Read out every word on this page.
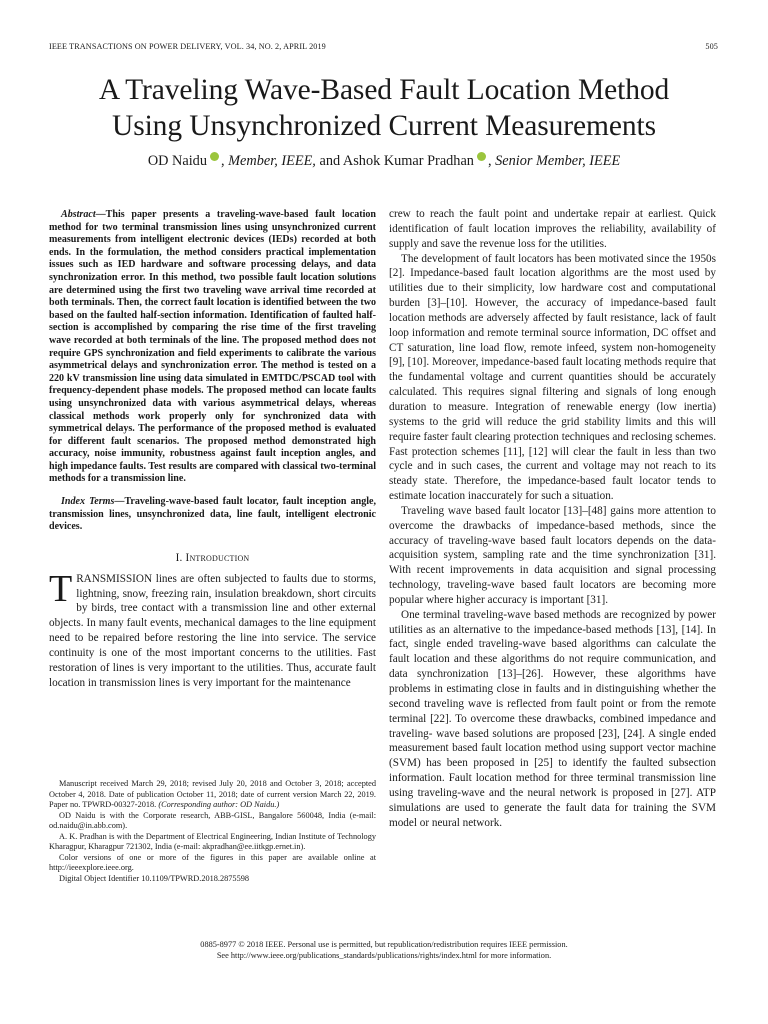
IEEE TRANSACTIONS ON POWER DELIVERY, VOL. 34, NO. 2, APRIL 2019	505
A Traveling Wave-Based Fault Location Method
Using Unsynchronized Current Measurements
OD Naidu , Member, IEEE, and Ashok Kumar Pradhan , Senior Member, IEEE

Abstract—This paper presents a traveling-wave-based fault location method for two terminal transmission lines using unsynchronized current measurements from intelligent electronic devices (IEDs) recorded at both ends. In the formulation, the method considers practical implementation issues such as IED hardware and software processing delays, and data synchronization error. In this method, two possible fault location solutions are determined using the first two traveling wave arrival time recorded at both terminals. Then, the correct fault location is identified between the two based on the faulted half-section information. Identification of faulted half-section is accomplished by comparing the rise time of the first traveling wave recorded at both terminals of the line. The proposed method does not require GPS synchronization and field experiments to calibrate the various asymmetrical delays and synchronization error. The method is tested on a 220 kV transmission line using data simulated in EMTDC/PSCAD tool with frequency-dependent phase models. The proposed method can locate faults using unsynchronized data with various asymmetrical delays, whereas classical methods work properly only for synchronized data with symmetrical delays. The performance of the proposed method is evaluated for different fault scenarios. The proposed method demonstrated high accuracy, noise immunity, robustness against fault inception angles, and high impedance faults. Test results are compared with classical two-terminal methods for a transmission line.

Index Terms—Traveling-wave-based fault locator, fault inception angle, transmission lines, unsynchronized data, line fault, intelligent electronic devices.

I. Introduction

TRANSMISSION lines are often subjected to faults due to storms, lightning, snow, freezing rain, insulation breakdown, short circuits by birds, tree contact with a transmission line and other external objects. In many fault events, mechanical damages to the line equipment need to be repaired before restoring the line into service. The service continuity is one of the most important concerns to the utilities. Fast restoration of lines is very important to the utilities. Thus, accurate fault location in transmission lines is very important for the maintenance

Manuscript received March 29, 2018; revised July 20, 2018 and October 3, 2018; accepted October 4, 2018. Date of publication October 11, 2018; date of current version March 22, 2019. Paper no. TPWRD-00327-2018. (Corresponding author: OD Naidu.)

OD Naidu is with the Corporate research, ABB-GISL, Bangalore 560048, India (e-mail: od.naidu@in.abb.com).

A. K. Pradhan is with the Department of Electrical Engineering, Indian Institute of Technology Kharagpur, Kharagpur 721302, India (e-mail: akpradhan@ee.iitkgp.ernet.in).

Color versions of one or more of the figures in this paper are available online at http://ieeexplore.ieee.org.

Digital Object Identifier 10.1109/TPWRD.2018.2875598

crew to reach the fault point and undertake repair at earliest. Quick identification of fault location improves the reliability, availability of supply and save the revenue loss for the utilities.

The development of fault locators has been motivated since the 1950s [2]. Impedance-based fault location algorithms are the most used by utilities due to their simplicity, low hardware cost and computational burden [3]–[10]. However, the accuracy of impedance-based fault location methods are adversely affected by fault resistance, lack of fault loop information and remote terminal source information, DC offset and CT saturation, line load flow, remote infeed, system non-homogeneity [9], [10]. Moreover, impedance-based fault locating methods require that the fundamental voltage and current quantities should be accurately calculated. This requires signal filtering and signals of long enough duration to measure. Integration of renewable energy (low inertia) systems to the grid will reduce the grid stability limits and this will require faster fault clearing protection techniques and reclosing schemes. Fast protection schemes [11], [12] will clear the fault in less than two cycle and in such cases, the current and voltage may not reach to its steady state. Therefore, the impedance-based fault locator tends to estimate location inaccurately for such a situation.

Traveling wave based fault locator [13]–[48] gains more attention to overcome the drawbacks of impedance-based methods, since the accuracy of traveling-wave based fault locators depends on the data-acquisition system, sampling rate and the time synchronization [31]. With recent improvements in data acquisition and signal processing technology, traveling-wave based fault locators are becoming more popular where higher accuracy is important [31].

One terminal traveling-wave based methods are recognized by power utilities as an alternative to the impedance-based methods [13], [14]. In fact, single ended traveling-wave based algorithms can calculate the fault location and these algorithms do not require communication, and data synchronization [13]–[26]. However, these algorithms have problems in estimating close in faults and in distinguishing whether the second traveling wave is reflected from fault point or from the remote terminal [22]. To overcome these drawbacks, combined impedance and traveling- wave based solutions are proposed [23], [24]. A single ended measurement based fault location method using support vector machine (SVM) has been proposed in [25] to identify the faulted subsection information. Fault location method for three terminal transmission line using traveling-wave and the neural network is proposed in [27]. ATP simulations are used to generate the fault data for training the SVM model or neural network.

0885-8977 © 2018 IEEE. Personal use is permitted, but republication/redistribution requires IEEE permission.
See http://www.ieee.org/publications_standards/publications/rights/index.html for more information.
